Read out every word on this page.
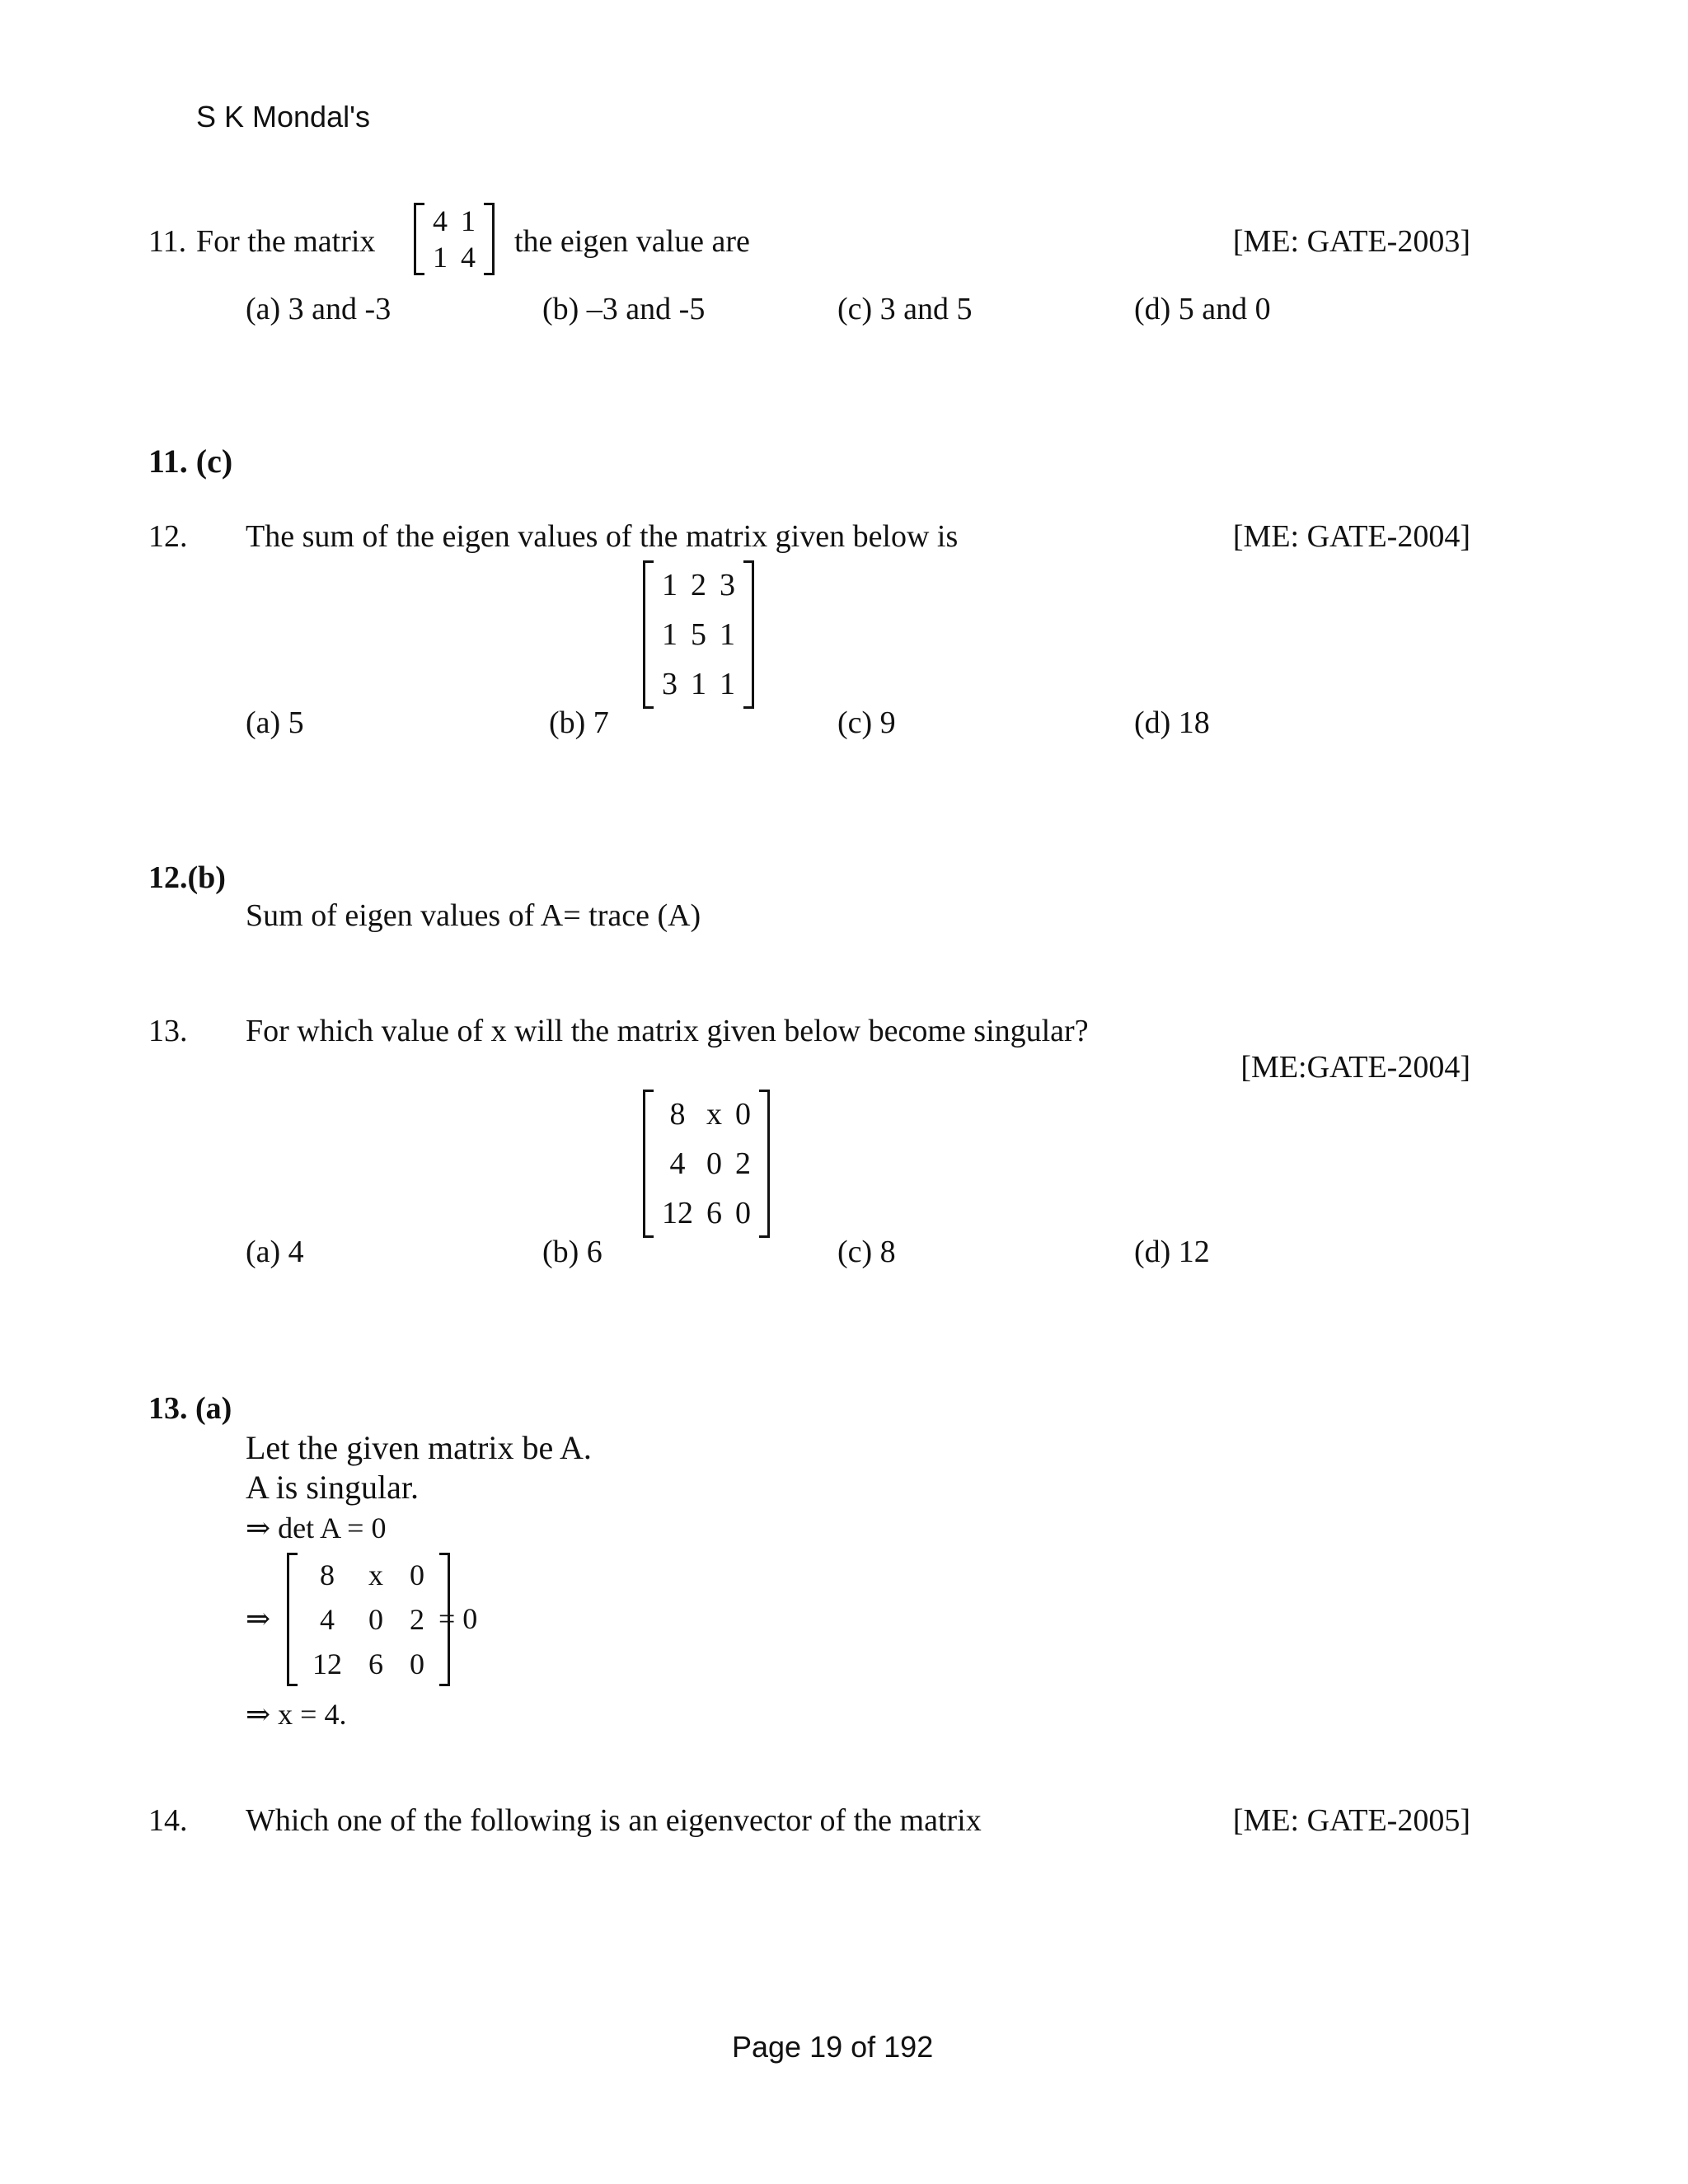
S K Mondal's
11. For the matrix
4	1
1	4 the eigen value are	[ME: GATE-2003]
(a) 3 and -3	(b) –3 and -5	(c) 3 and 5	(d) 5 and 0
11. (c)
12. The sum of the eigen values of the matrix given below is	[ME: GATE-2004]
1	2	3
1	5	1
3	1	1
(a) 5	(b) 7	(c) 9	(d) 18
12.(b)
Sum of eigen values of A= trace (A)
13. For which value of x will the matrix given below become singular?
[ME:GATE-2004]
8	x	0
4	0	2
12	6	0
(a) 4	(b) 6	(c) 8	(d) 12
13. (a)
Let the given matrix be A.
A is singular.
⇒ det A = 0
⇒
8	x	0
4	0	2
12	6	0
= 0
⇒ x = 4.
14. Which one of the following is an eigenvector of the matrix	[ME: GATE-2005]
Page 19 of 192
